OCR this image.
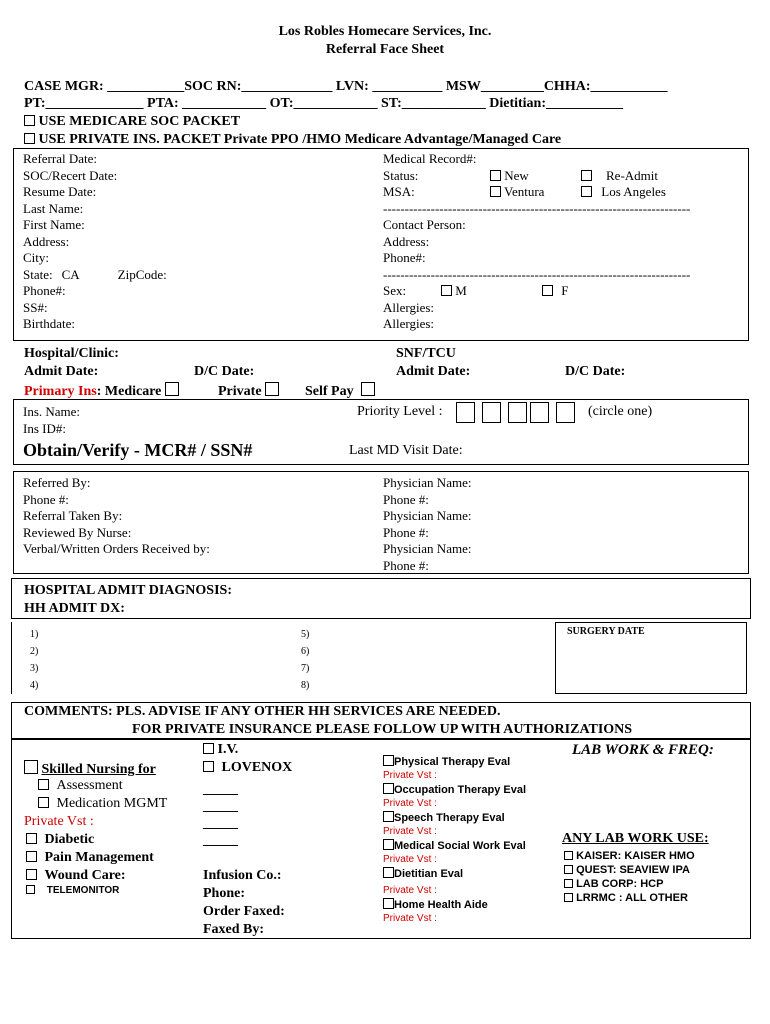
Los Robles Homecare Services, Inc.
Referral Face Sheet
CASE MGR: ___________SOC RN:_____________ LVN: __________ MSW_________CHHA:___________
PT:______________ PTA: ____________ OT:____________ ST:____________ Dietitian:___________
USE MEDICARE SOC PACKET
USE PRIVATE INS. PACKET Private PPO /HMO Medicare Advantage/Managed Care
Referral Date:
SOC/Recert Date:
Resume Date:
Last Name:
First Name:
Address:
City:
State: CA	ZipCode:
Phone#:
SS#:
Birthdate:
Medical Record#:
Status:	New	Re-Admit
MSA:	Ventura	Los Angeles
-----------------------------------------------------------------------
Contact Person:
Address:
Phone#:
-----------------------------------------------------------------------
Sex:	M	F
Allergies:
Allergies:
Hospital/Clinic:
Admit Date:	D/C Date:
SNF/TCU
Admit Date:	D/C Date:
Primary Ins: Medicare	Private	Self Pay
Ins. Name:
Ins ID#:
Priority Level :	(circle one)
Obtain/Verify - MCR# / SSN#	Last MD Visit Date:
Referred By:
Phone #:
Referral Taken By:
Reviewed By Nurse:
Verbal/Written Orders Received by:
Physician Name:
Phone #:
Physician Name:
Phone #:
Physician Name:
Phone #:
HOSPITAL ADMIT DIAGNOSIS:
HH ADMIT DX:
SURGERY DATE
1)
2)
3)
4)
5)
6)
7)
8)
COMMENTS: PLS. ADVISE IF ANY OTHER HH SERVICES ARE NEEDED.
FOR PRIVATE INSURANCE PLEASE FOLLOW UP WITH AUTHORIZATIONS
Skilled Nursing for
Assessment
Medication MGMT
Private Vst :
Diabetic
Pain Management
Wound Care:
TELEMONITOR
I.V.
LOVENOX
_____
_____
_____
_____
Infusion Co.:
Phone:
Order Faxed:
Faxed By:
Physical Therapy Eval
Private Vst :
Occupation Therapy Eval
Private Vst :
Speech Therapy Eval
Private Vst :
Medical Social Work Eval
Private Vst :
Dietitian Eval
Private Vst :
Home Health Aide
Private Vst :
LAB WORK & FREQ:
ANY LAB WORK USE:
KAISER: KAISER HMO
QUEST: SEAVIEW IPA
LAB CORP: HCP
LRRMC : ALL OTHER
